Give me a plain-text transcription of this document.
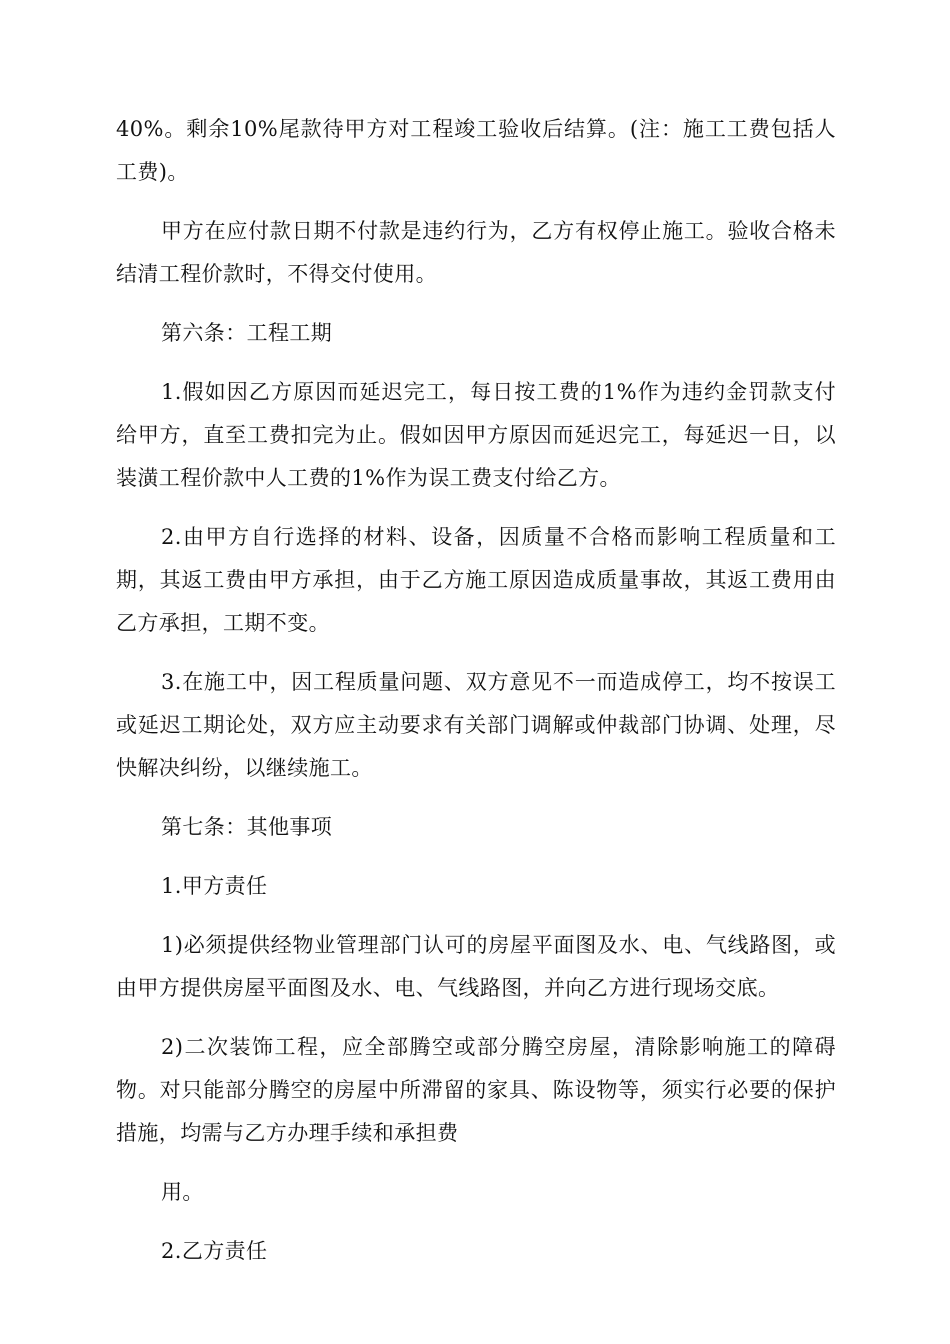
40%。剩余10%尾款待甲方对工程竣工验收后结算。(注：施工工费包括人工费)。

甲方在应付款日期不付款是违约行为，乙方有权停止施工。验收合格未结清工程价款时，不得交付使用。

第六条：工程工期

1.假如因乙方原因而延迟完工，每日按工费的1%作为违约金罚款支付给甲方，直至工费扣完为止。假如因甲方原因而延迟完工，每延迟一日，以装潢工程价款中人工费的1%作为误工费支付给乙方。

2.由甲方自行选择的材料、设备，因质量不合格而影响工程质量和工期，其返工费由甲方承担，由于乙方施工原因造成质量事故，其返工费用由乙方承担，工期不变。

3.在施工中，因工程质量问题、双方意见不一而造成停工，均不按误工或延迟工期论处，双方应主动要求有关部门调解或仲裁部门协调、处理，尽快解决纠纷，以继续施工。

第七条：其他事项

1.甲方责任

1)必须提供经物业管理部门认可的房屋平面图及水、电、气线路图，或由甲方提供房屋平面图及水、电、气线路图，并向乙方进行现场交底。

2)二次装饰工程，应全部腾空或部分腾空房屋，清除影响施工的障碍物。对只能部分腾空的房屋中所滞留的家具、陈设物等，须实行必要的保护措施，均需与乙方办理手续和承担费

用。

2.乙方责任
